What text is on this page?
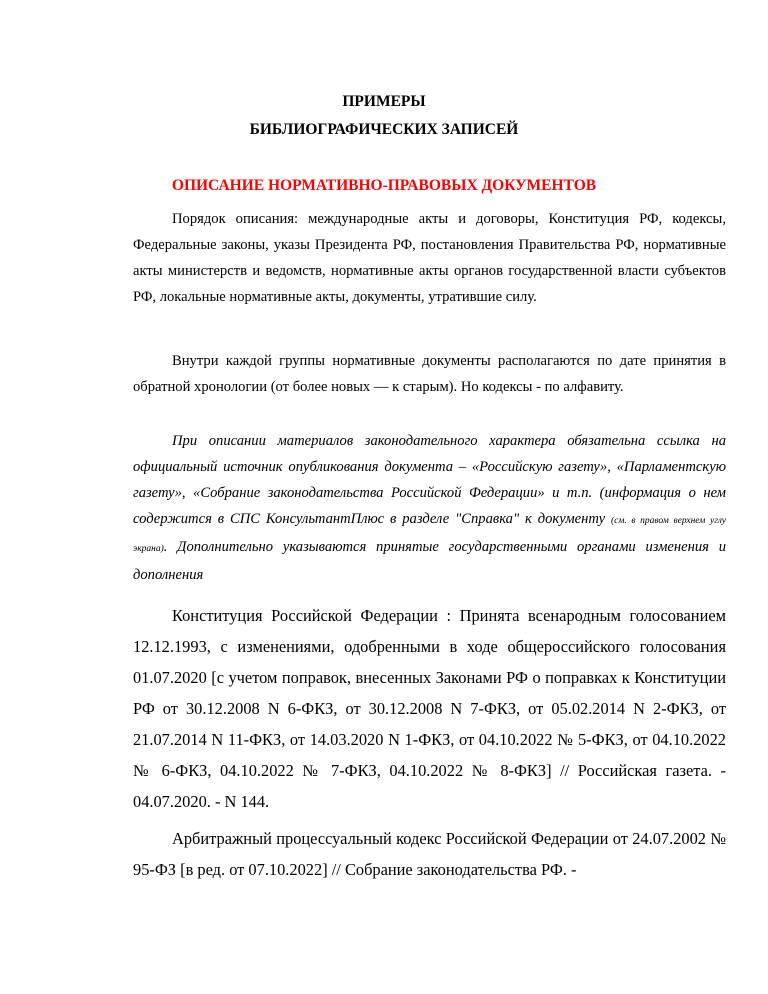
ПРИМЕРЫ
БИБЛИОГРАФИЧЕСКИХ ЗАПИСЕЙ
ОПИСАНИЕ НОРМАТИВНО-ПРАВОВЫХ ДОКУМЕНТОВ

Порядок описания: международные акты и договоры, Конституция РФ, кодексы, Федеральные законы, указы Президента РФ, постановления Правительства РФ, нормативные акты министерств и ведомств, нормативные акты органов государственной власти субъектов РФ, локальные нормативные акты, документы, утратившие силу.

Внутри каждой группы нормативные документы располагаются по дате принятия в обратной хронологии (от более новых — к старым). Но кодексы - по алфавиту.

При описании материалов законодательного характера обязательна ссылка на официальный источник опубликования документа – «Российскую газету», «Парламентскую газету», «Собрание законодательства Российской Федерации» и т.п. (информация о нем содержится в СПС КонсультантПлюс в разделе "Справка" к документу (см. в правом верхнем углу экрана). Дополнительно указываются принятые государственными органами изменения и дополнения

Конституция Российской Федерации : Принята всенародным голосованием 12.12.1993, с изменениями, одобренными в ходе общероссийского голосования 01.07.2020 [с учетом поправок, внесенных Законами РФ о поправках к Конституции РФ от 30.12.2008 N 6-ФКЗ, от 30.12.2008 N 7-ФКЗ, от 05.02.2014 N 2-ФКЗ, от 21.07.2014 N 11-ФКЗ, от 14.03.2020 N 1-ФКЗ, от 04.10.2022 № 5-ФКЗ, от 04.10.2022 № 6-ФКЗ, 04.10.2022 № 7-ФКЗ, 04.10.2022 № 8-ФКЗ] // Российская газета. - 04.07.2020. - N 144.

Арбитражный процессуальный кодекс Российской Федерации от 24.07.2002 № 95-ФЗ [в ред. от 07.10.2022] // Собрание законодательства РФ. -
